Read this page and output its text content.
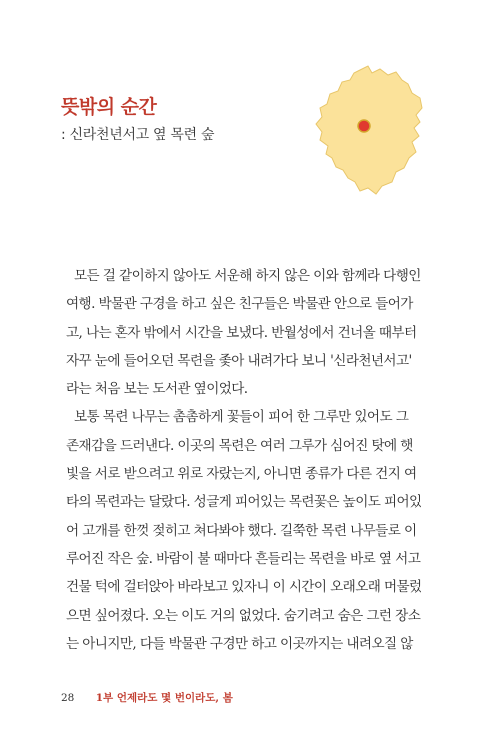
뜻밖의 순간
: 신라천년서고 옆 목련 숲
모든 걸 같이하지 않아도 서운해 하지 않은 이와 함께라 다행인
여행. 박물관 구경을 하고 싶은 친구들은 박물관 안으로 들어가
고, 나는 혼자 밖에서 시간을 보냈다. 반월성에서 건너올 때부터
자꾸 눈에 들어오던 목련을 좇아 내려가다 보니 '신라천년서고'
라는 처음 보는 도서관 옆이었다.
보통 목련 나무는 촘촘하게 꽃들이 피어 한 그루만 있어도 그
존재감을 드러낸다. 이곳의 목련은 여러 그루가 심어진 탓에 햇
빛을 서로 받으려고 위로 자랐는지, 아니면 종류가 다른 건지 여
타의 목련과는 달랐다. 성글게 피어있는 목련꽃은 높이도 피어있
어 고개를 한껏 젖히고 쳐다봐야 했다. 길쭉한 목련 나무들로 이
루어진 작은 숲. 바람이 불 때마다 흔들리는 목련을 바로 옆 서고
건물 턱에 걸터앉아 바라보고 있자니 이 시간이 오래오래 머물렀
으면 싶어졌다. 오는 이도 거의 없었다. 숨기려고 숨은 그런 장소
는 아니지만, 다들 박물관 구경만 하고 이곳까지는 내려오질 않
28 1부 언제라도 몇 번이라도, 봄
